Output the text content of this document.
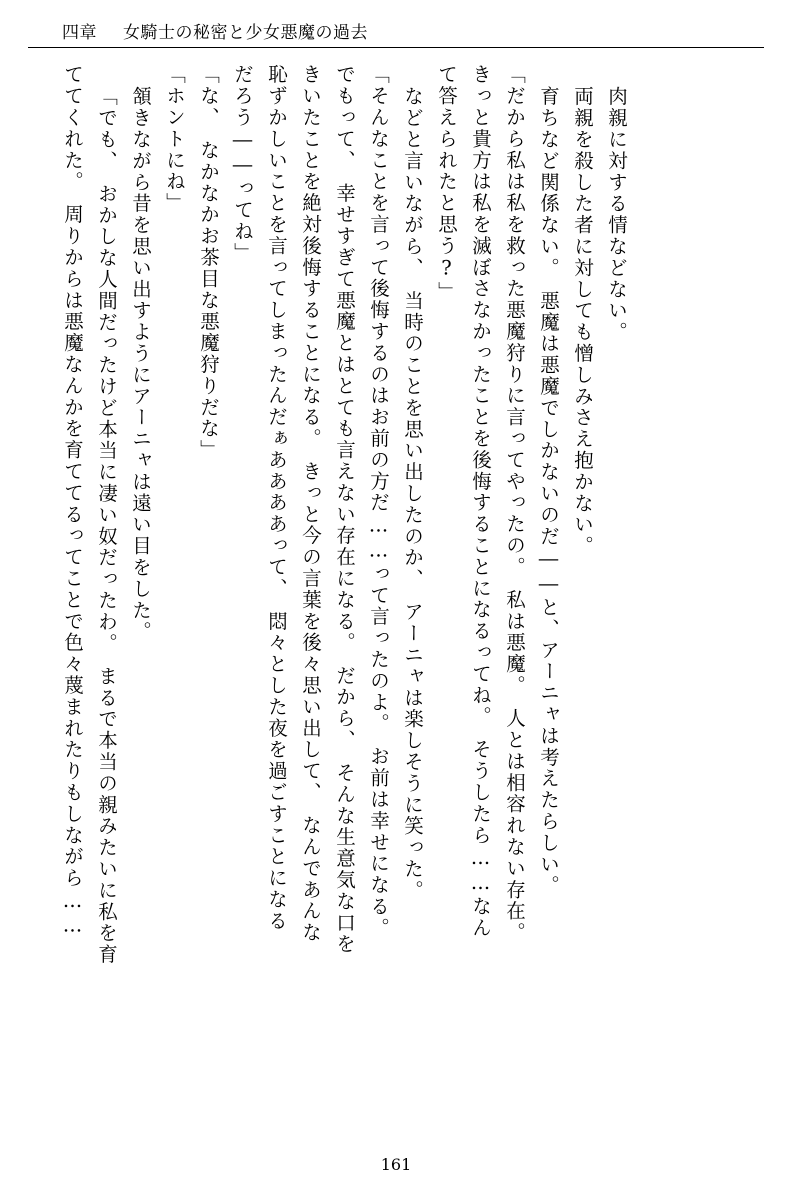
四章 女騎士の秘密と少女悪魔の過去
ててくれた。　周りからは悪魔なんかを育ててるってことで色々蔑まれたりもしながら…… 「でも、　おかしな人間だったけど本当に凄い奴だったわ。　まるで本当の親みたいに私を育 頷きながら昔を思い出すようにアーニャは遠い目をした。 「ホントにね」 「な、　なかなかお茶目な悪魔狩りだな」 だろう――ってね」 恥ずかしいことを言ってしまったんだぁああああって、　悶々とした夜を過ごすことになる きいたことを絶対後悔することになる。　きっと今の言葉を後々思い出して、　なんであんな でもって、　幸せすぎて悪魔とはとても言えない存在になる。　だから、　そんな生意気な口を 「そんなことを言って後悔するのはお前の方だ……って言ったのよ。　お前は幸せになる。 などと言いながら、　当時のことを思い出したのか、　アーニャは楽しそうに笑った。 て答えられたと思う?」 きっと貴方は私を滅ぼさなかったことを後悔することになるってね。　そうしたら……なん 「だから私は私を救った悪魔狩りに言ってやったの。　私は悪魔。　人とは相容れない存在。 育ちなど関係ない。　悪魔は悪魔でしかないのだ――と、アーニャは考えたらしい。 両親を殺した者に対しても憎しみさえ抱かない。 肉親に対する情などない。
161
